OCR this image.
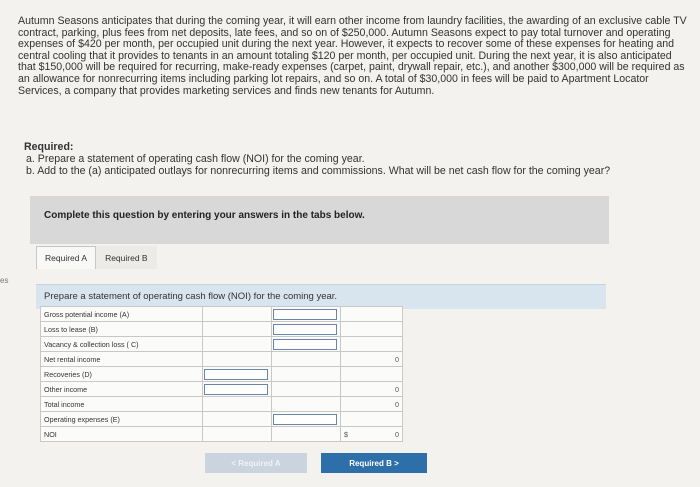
es

Autumn Seasons anticipates that during the coming year, it will earn other income from laundry facilities, the awarding of an exclusive cable TV contract, parking, plus fees from net deposits, late fees, and so on of $250,000. Autumn Seasons expect to pay total turnover and operating expenses of $420 per month, per occupied unit during the next year. However, it expects to recover some of these expenses for heating and central cooling that it provides to tenants in an amount totaling $120 per month, per occupied unit. During the next year, it is also anticipated that $150,000 will be required for recurring, make-ready expenses (carpet, paint, drywall repair, etc.), and another $300,000 will be required as an allowance for nonrecurring items including parking lot repairs, and so on. A total of $30,000 in fees will be paid to Apartment Locator Services, a company that provides marketing services and finds new tenants for Autumn.

Required:
a. Prepare a statement of operating cash flow (NOI) for the coming year.
b. Add to the (a) anticipated outlays for nonrecurring items and commissions. What will be net cash flow for the coming year?
Complete this question by entering your answers in the tabs below.
Required A	Required B
Prepare a statement of operating cash flow (NOI) for the coming year.
Gross potential income (A)		

Loss to lease (B)		

Vacancy & collection loss ( C)		

Net rental income			0
Recoveries (D)	

Other income			0
Total income			0
Operating expenses (E)		

NOI			$ 0
< Required A	Required B >
